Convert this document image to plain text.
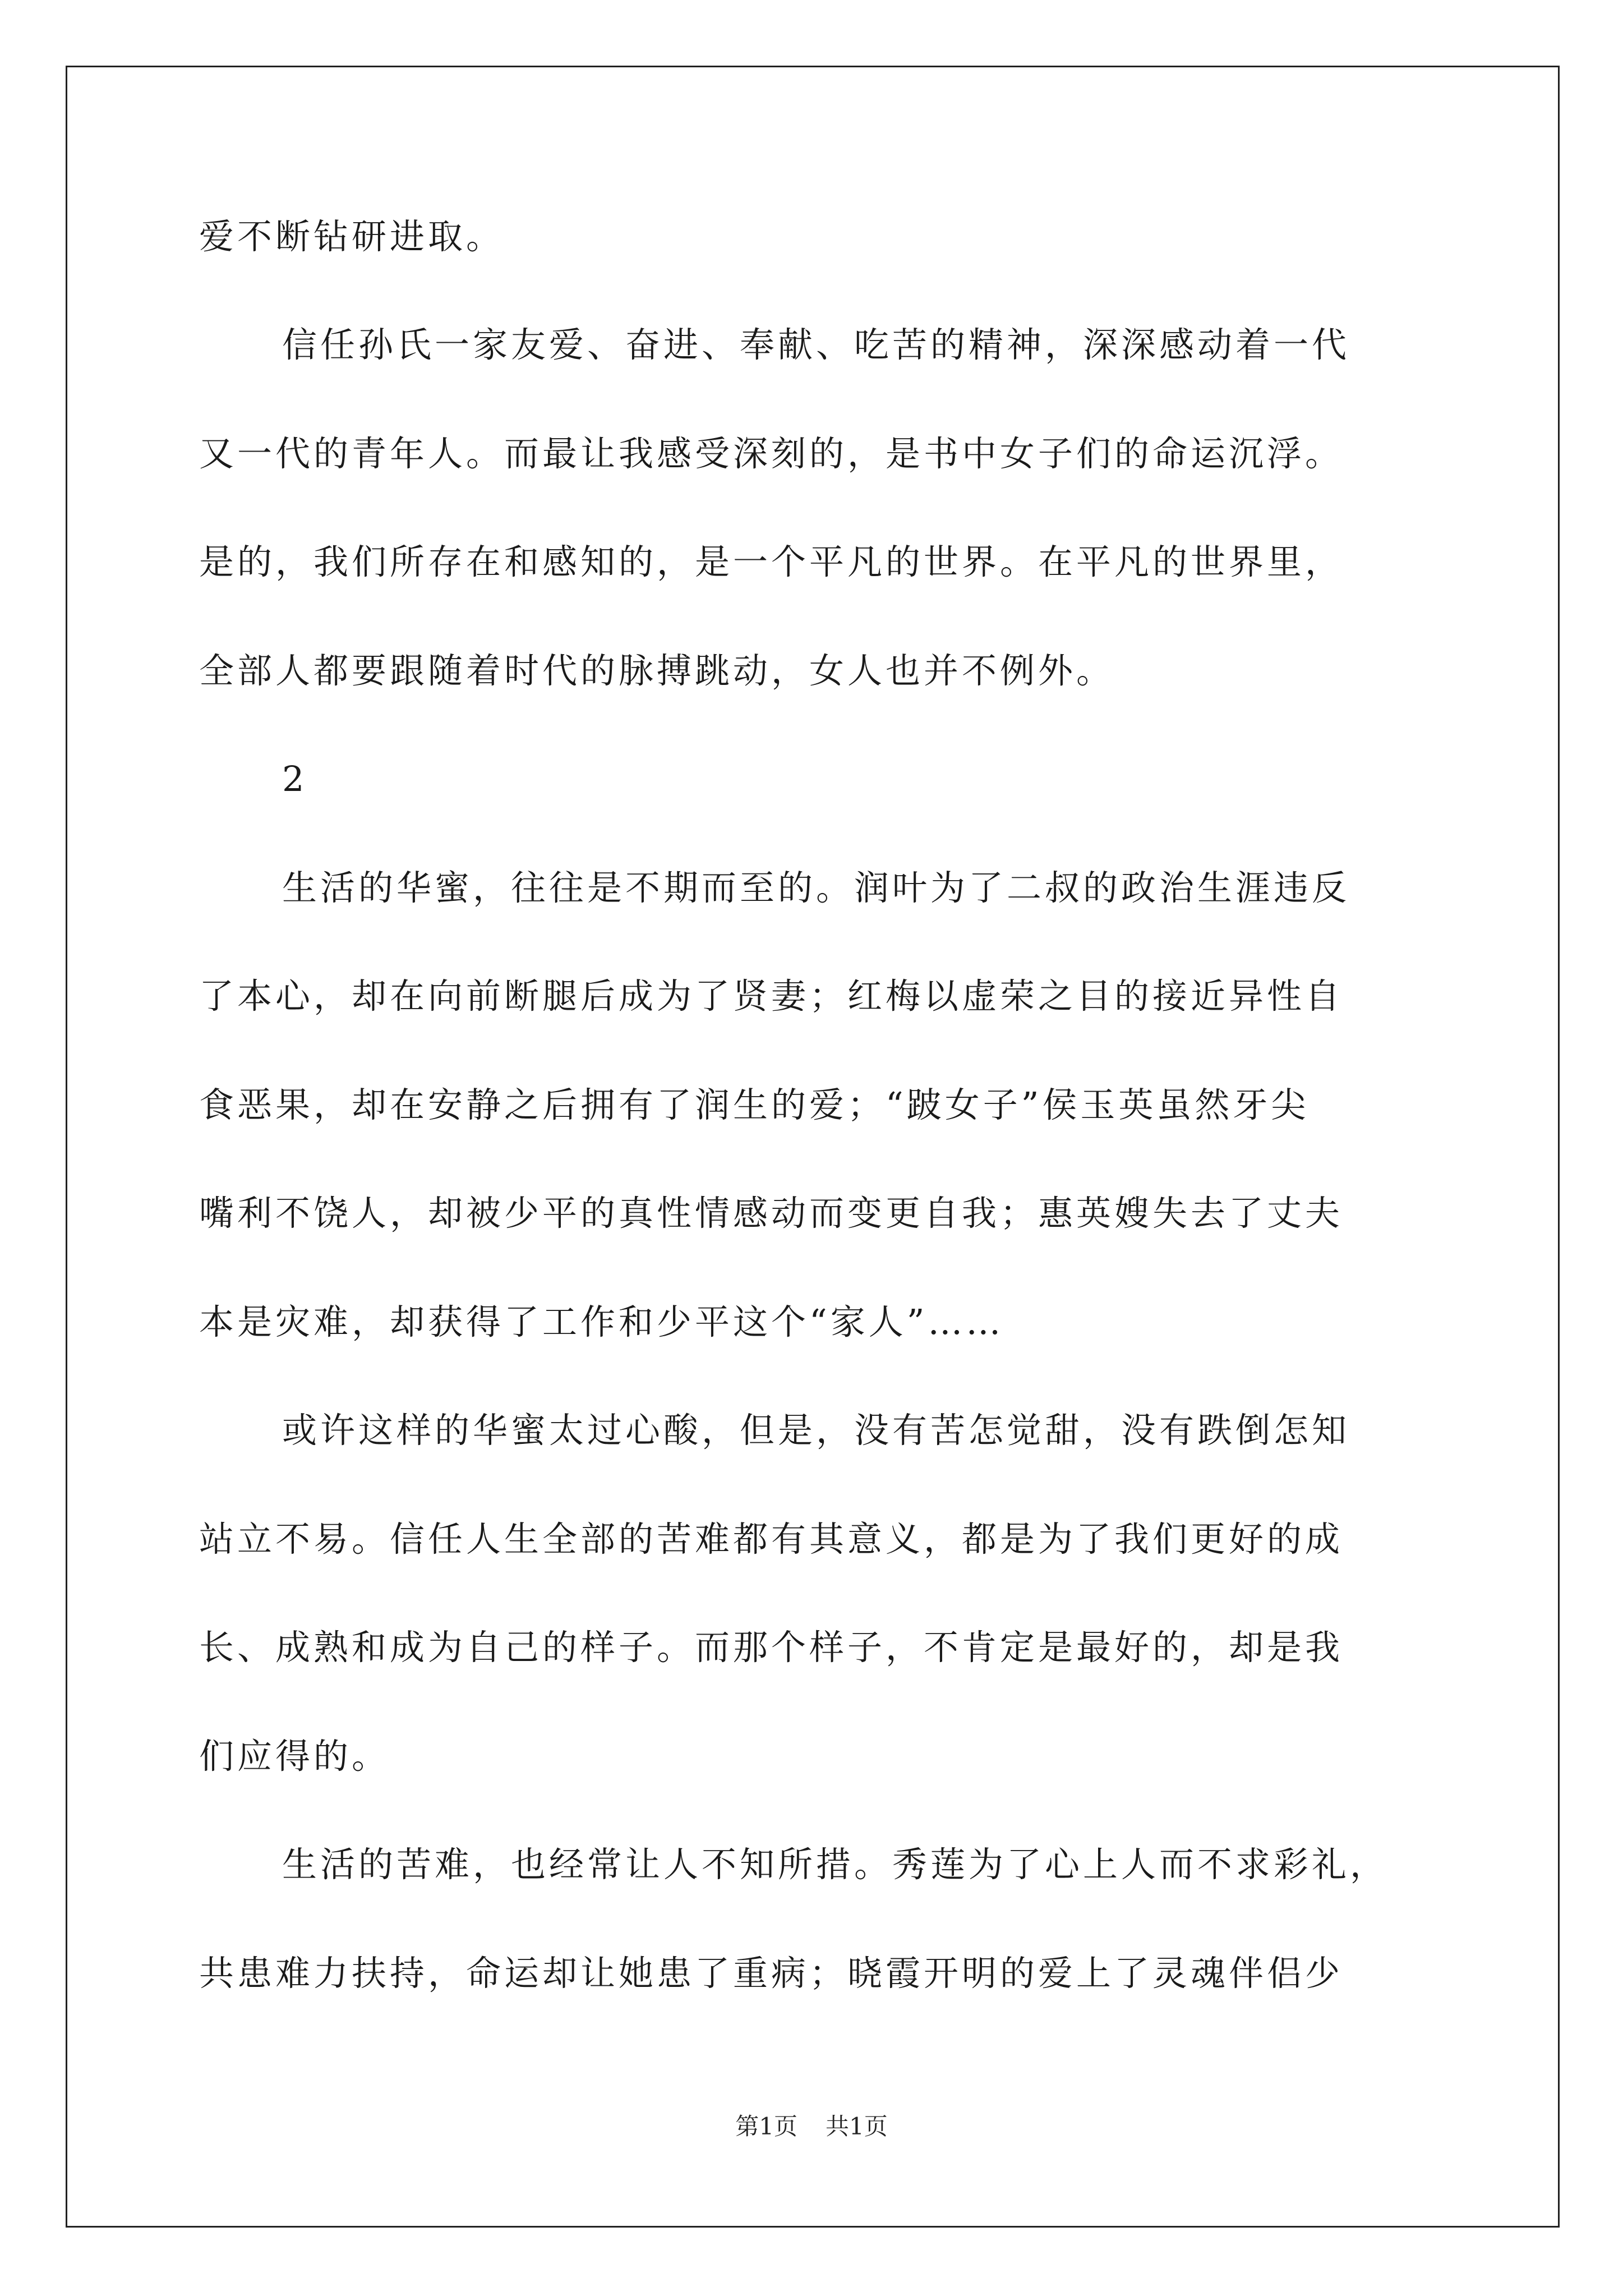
爱不断钻研进取。
信任孙氏一家友爱、奋进、奉献、吃苦的精神，深深感动着一代
又一代的青年人。而最让我感受深刻的，是书中女子们的命运沉浮。
是的，我们所存在和感知的，是一个平凡的世界。在平凡的世界里，
全部人都要跟随着时代的脉搏跳动，女人也并不例外。
2
生活的华蜜，往往是不期而至的。润叶为了二叔的政治生涯违反
了本心，却在向前断腿后成为了贤妻；红梅以虚荣之目的接近异性自
食恶果，却在安静之后拥有了润生的爱；“跛女子”侯玉英虽然牙尖
嘴利不饶人，却被少平的真性情感动而变更自我；惠英嫂失去了丈夫
本是灾难，却获得了工作和少平这个“家人”……
或许这样的华蜜太过心酸，但是，没有苦怎觉甜，没有跌倒怎知
站立不易。信任人生全部的苦难都有其意义，都是为了我们更好的成
长、成熟和成为自己的样子。而那个样子，不肯定是最好的，却是我
们应得的。
生活的苦难，也经常让人不知所措。秀莲为了心上人而不求彩礼，
共患难力扶持，命运却让她患了重病；晓霞开明的爱上了灵魂伴侣少
第1页 共1页
